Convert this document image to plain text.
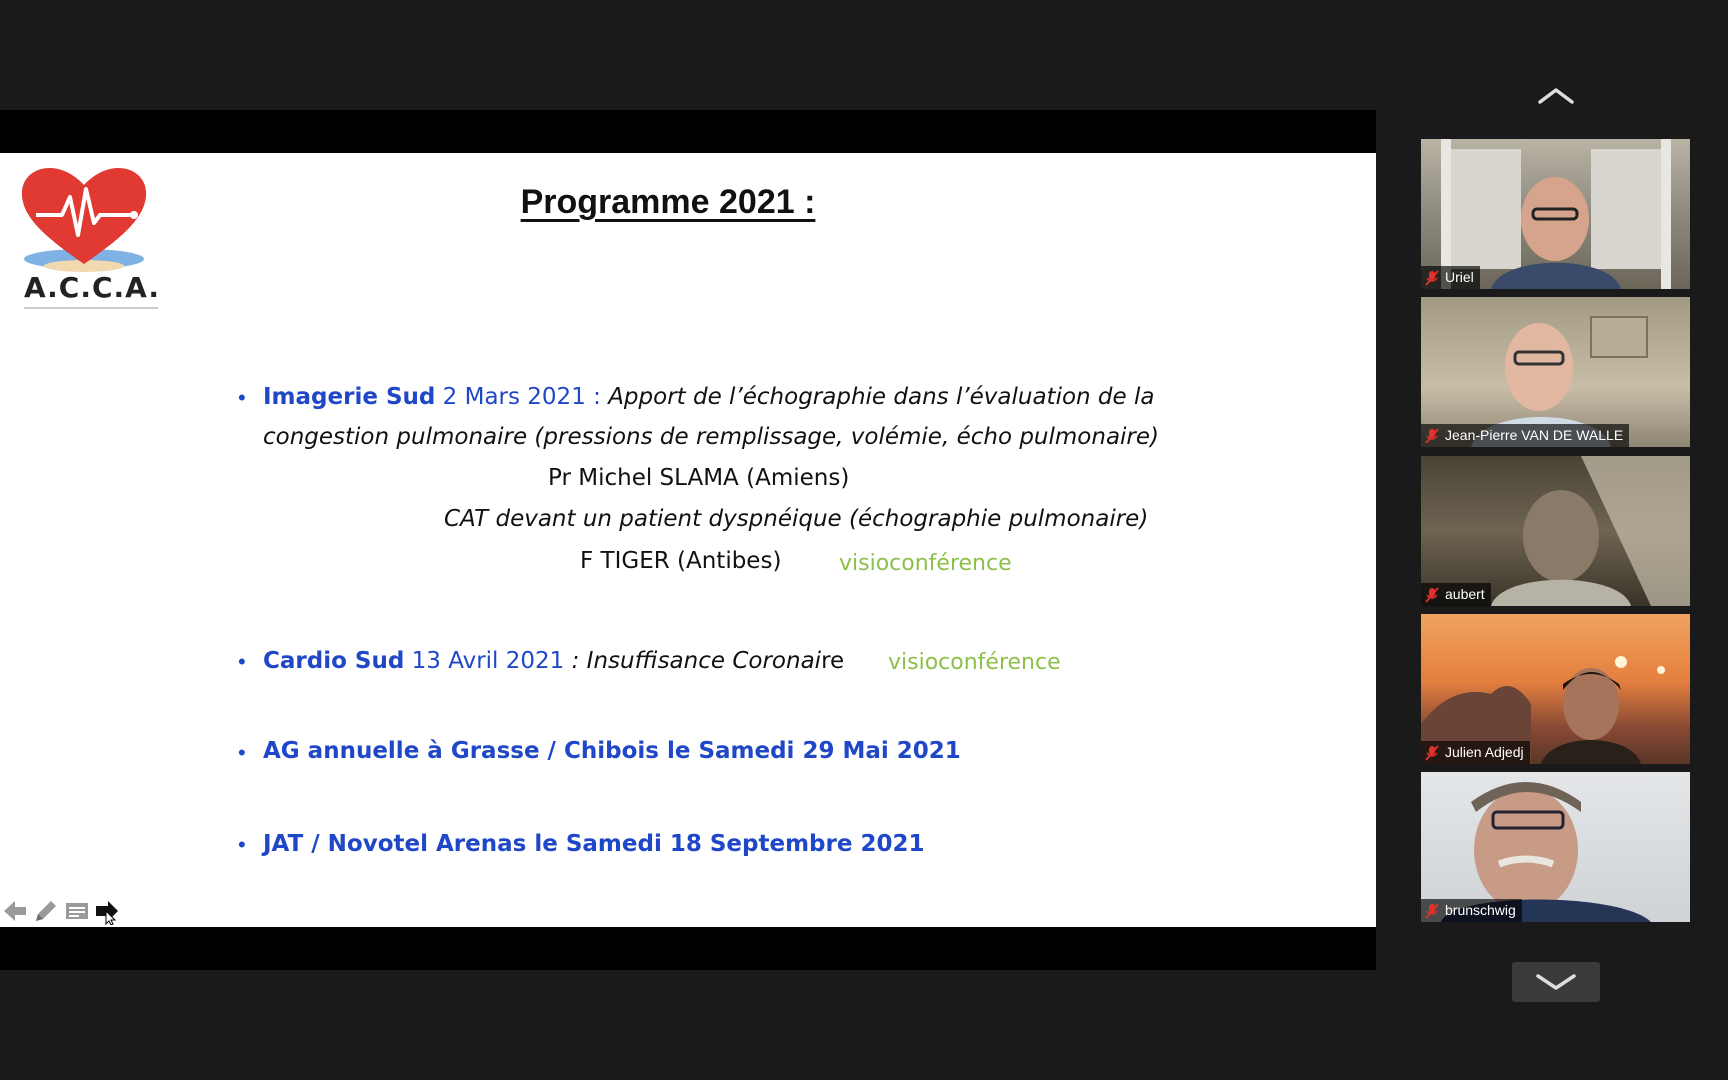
A.C.C.A.
Programme 2021 :
• Imagerie Sud 2 Mars 2021 : Apport de l’échographie dans l’évaluation de la
congestion pulmonaire (pressions de remplissage, volémie, écho pulmonaire)
Pr Michel SLAMA (Amiens)
CAT devant un patient dyspnéique (échographie pulmonaire)
F TIGER (Antibes)	visioconférence
• Cardio Sud 13 Avril 2021 : Insuffisance Coronaire visioconférence
• AG annuelle à Grasse / Chibois le Samedi 29 Mai 2021
• JAT / Novotel Arenas le Samedi 18 Septembre 2021
Uriel
Jean-Pierre VAN DE WALLE
aubert
Julien Adjedj
brunschwig
